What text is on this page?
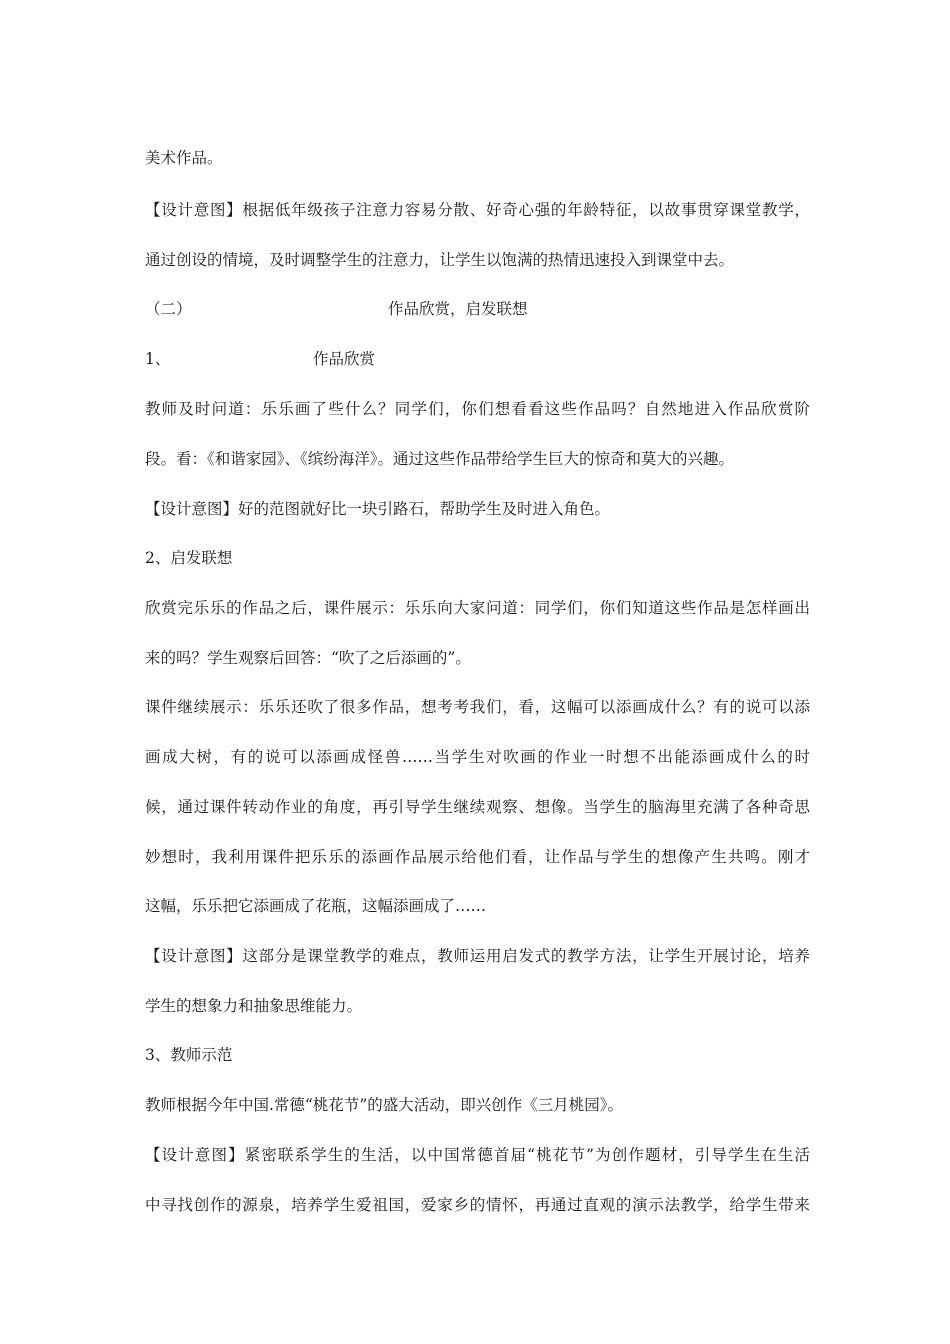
美术作品。
【设计意图】根据低年级孩子注意力容易分散、好奇心强的年龄特征，以故事贯穿课堂教学，
通过创设的情境，及时调整学生的注意力，让学生以饱满的热情迅速投入到课堂中去。
（二）	作品欣赏，启发联想
1、	作品欣赏
教师及时问道：乐乐画了些什么？同学们，你们想看看这些作品吗？自然地进入作品欣赏阶
段。看：《和谐家园》、《缤纷海洋》。通过这些作品带给学生巨大的惊奇和莫大的兴趣。
【设计意图】好的范图就好比一块引路石，帮助学生及时进入角色。
2、启发联想
欣赏完乐乐的作品之后，课件展示：乐乐向大家问道：同学们，你们知道这些作品是怎样画出
来的吗？学生观察后回答：“吹了之后添画的”。
课件继续展示：乐乐还吹了很多作品，想考考我们，看，这幅可以添画成什么？有的说可以添
画成大树，有的说可以添画成怪兽……当学生对吹画的作业一时想不出能添画成什么的时
候，通过课件转动作业的角度，再引导学生继续观察、想像。当学生的脑海里充满了各种奇思
妙想时，我利用课件把乐乐的添画作品展示给他们看，让作品与学生的想像产生共鸣。刚才
这幅，乐乐把它添画成了花瓶，这幅添画成了……
【设计意图】这部分是课堂教学的难点，教师运用启发式的教学方法，让学生开展讨论，培养
学生的想象力和抽象思维能力。
3、教师示范
教师根据今年中国.常德“桃花节”的盛大活动，即兴创作《三月桃园》。
【设计意图】紧密联系学生的生活，以中国常德首届“桃花节”为创作题材，引导学生在生活
中寻找创作的源泉，培养学生爱祖国，爱家乡的情怀，再通过直观的演示法教学，给学生带来
